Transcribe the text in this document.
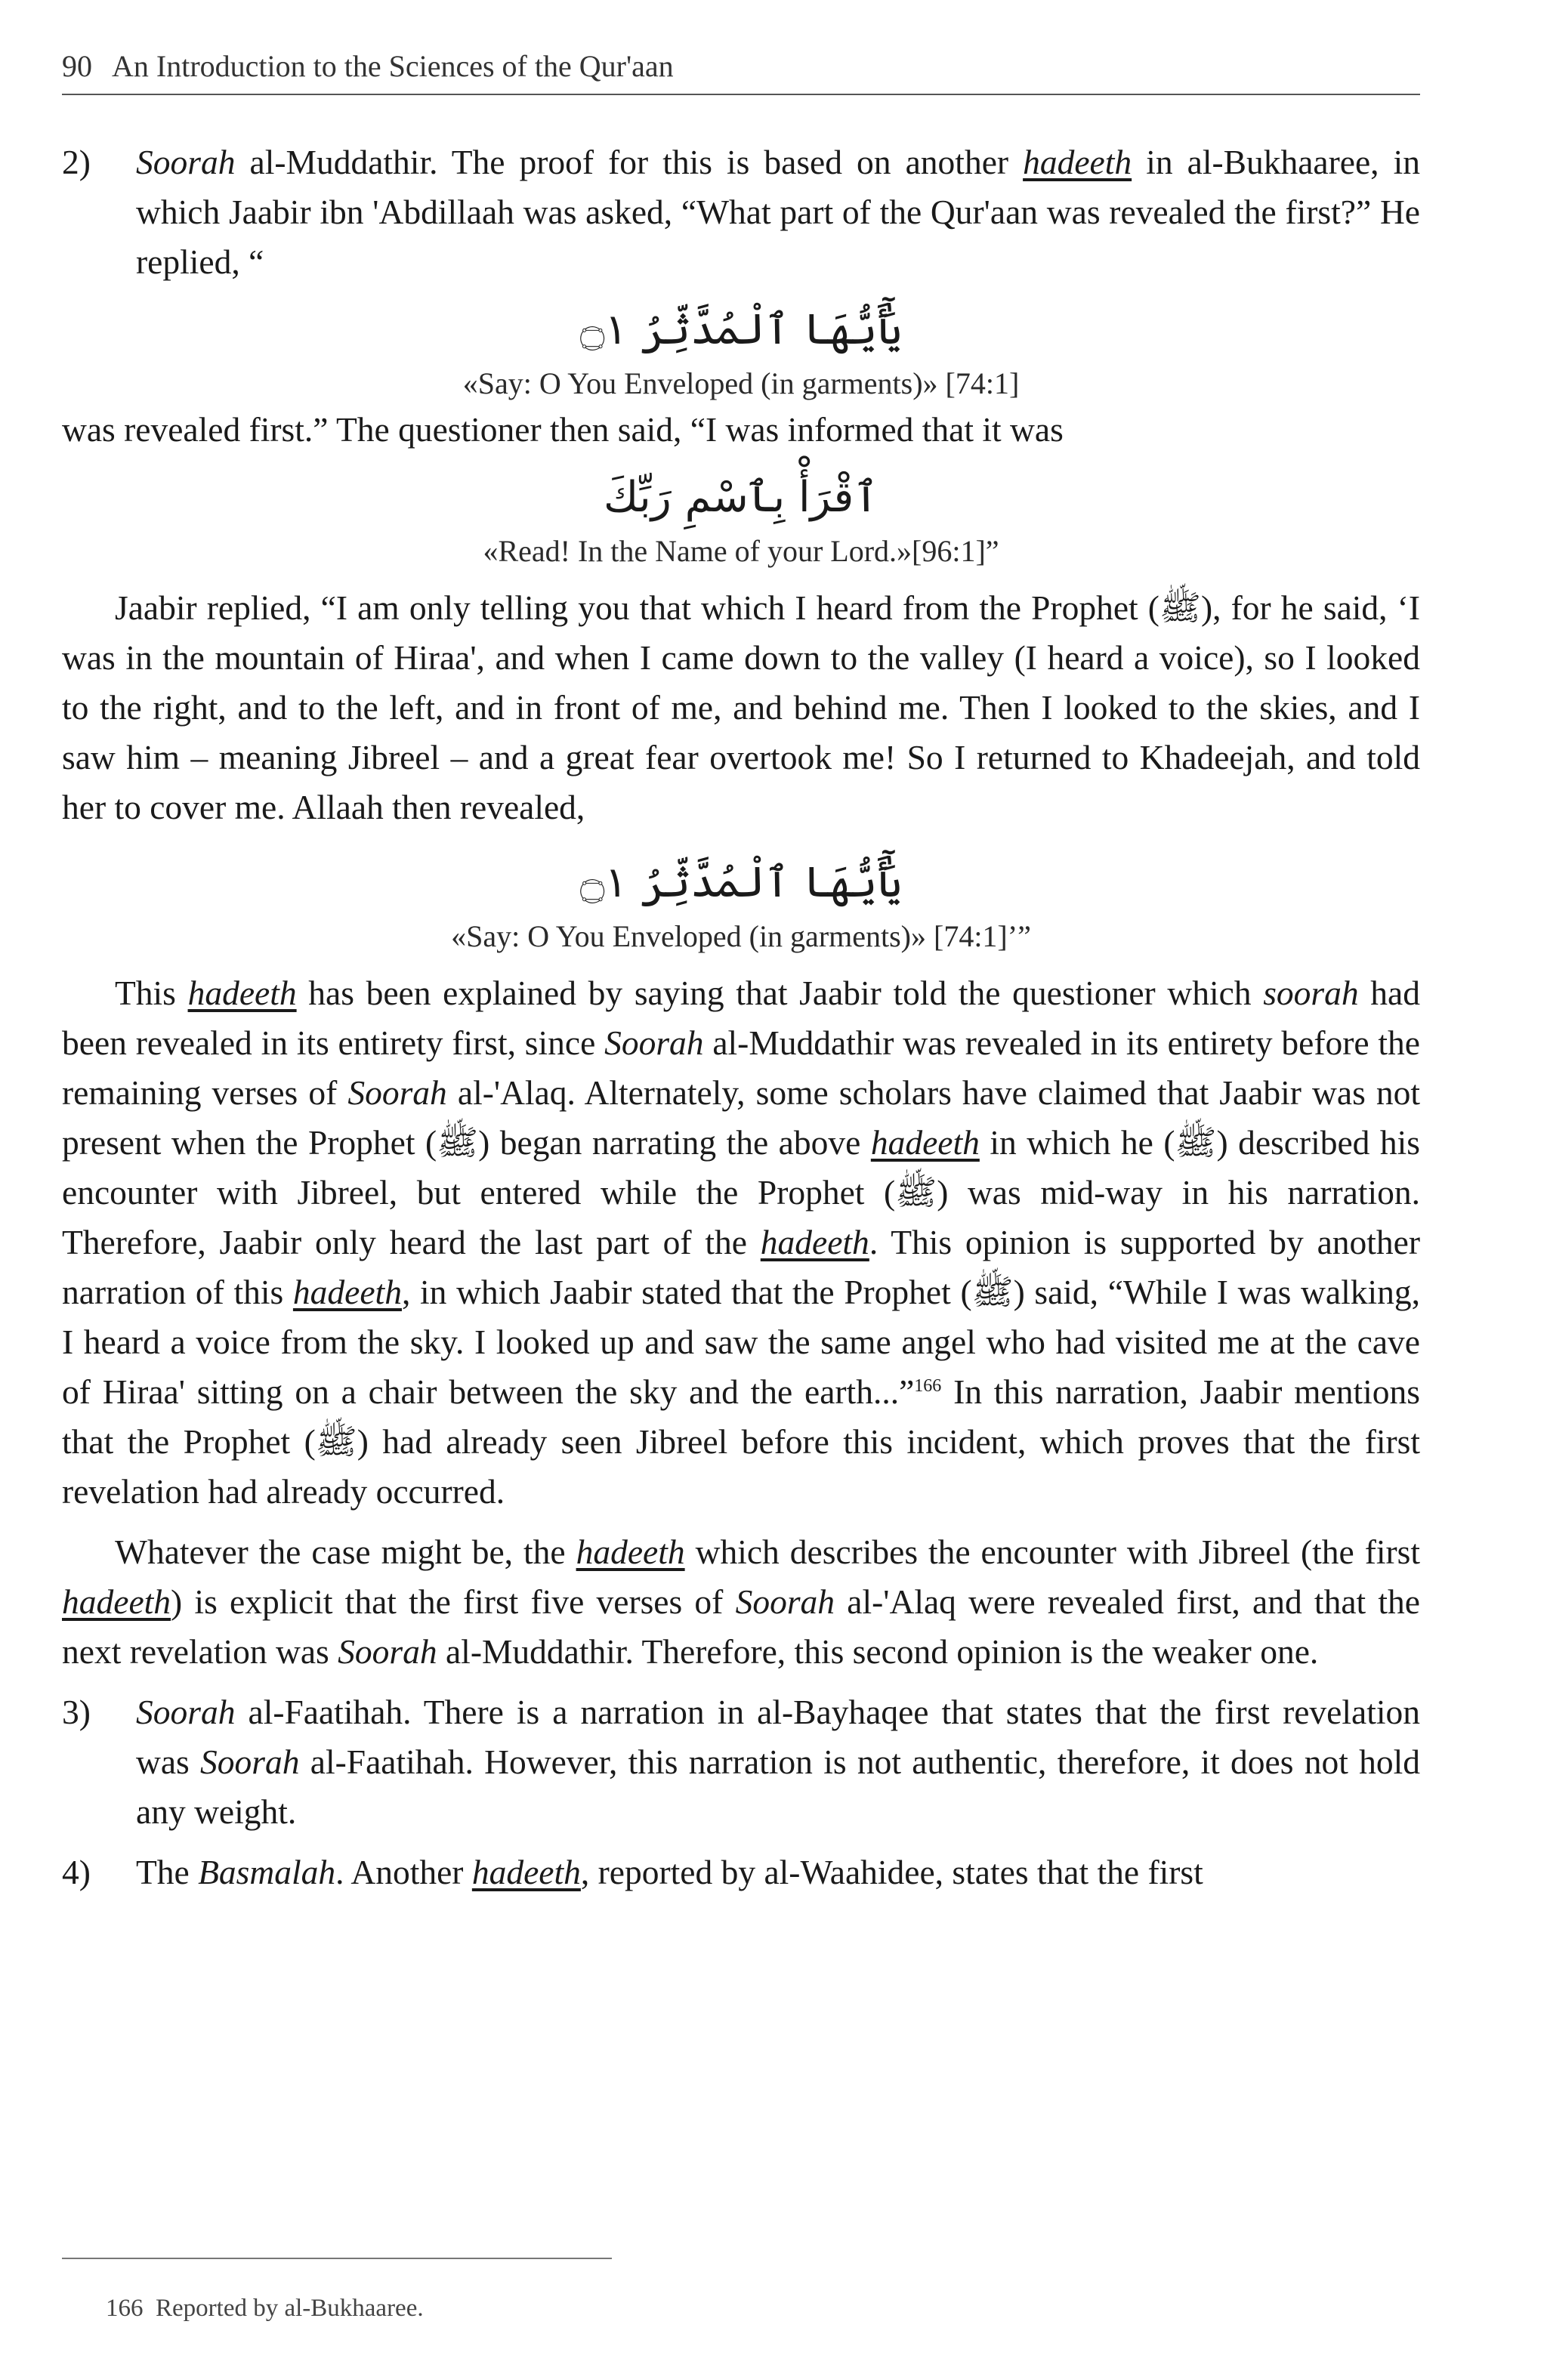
90 An Introduction to the Sciences of the Qur'aan
2)	Soorah al-Muddathir. The proof for this is based on another hadeeth in al-Bukhaaree, in which Jaabir ibn 'Abdillaah was asked, “What part of the Qur'aan was revealed the first?” He replied, “
يَٰٓأَيُّهَا ٱلْمُدَّثِّرُ ۝١
«Say: O You Enveloped (in garments)» [74:1]

was revealed first.” The questioner then said, “I was informed that it was

ٱقْرَأْ بِٱسْمِ رَبِّكَ
«Read! In the Name of your Lord.»[96:1]”

Jaabir replied, “I am only telling you that which I heard from the Prophet (ﷺ), for he said, ‘I was in the mountain of Hiraa', and when I came down to the valley (I heard a voice), so I looked to the right, and to the left, and in front of me, and behind me. Then I looked to the skies, and I saw him – meaning Jibreel – and a great fear overtook me! So I returned to Khadeejah, and told her to cover me. Allaah then revealed,

يَٰٓأَيُّهَا ٱلْمُدَّثِّرُ ۝١
«Say: O You Enveloped (in garments)» [74:1]’”

This hadeeth has been explained by saying that Jaabir told the questioner which soorah had been revealed in its entirety first, since Soorah al-Muddathir was revealed in its entirety before the remaining verses of Soorah al-'Alaq. Alternately, some scholars have claimed that Jaabir was not present when the Prophet (ﷺ) began narrating the above hadeeth in which he (ﷺ) described his encounter with Jibreel, but entered while the Prophet (ﷺ) was mid-way in his narration. Therefore, Jaabir only heard the last part of the hadeeth. This opinion is supported by another narration of this hadeeth, in which Jaabir stated that the Prophet (ﷺ) said, “While I was walking, I heard a voice from the sky. I looked up and saw the same angel who had visited me at the cave of Hiraa' sitting on a chair between the sky and the earth...”$^{166}$ In this narration, Jaabir mentions that the Prophet (ﷺ) had already seen Jibreel before this incident, which proves that the first revelation had already occurred.

Whatever the case might be, the hadeeth which describes the encounter with Jibreel (the first hadeeth) is explicit that the first five verses of Soorah al-'Alaq were revealed first, and that the next revelation was Soorah al-Muddathir. Therefore, this second opinion is the weaker one.

3)	Soorah al-Faatihah. There is a narration in al-Bayhaqee that states that the first revelation was Soorah al-Faatihah. However, this narration is not authentic, therefore, it does not hold any weight.
4)	The Basmalah. Another hadeeth, reported by al-Waahidee, states that the first
166 Reported by al-Bukhaaree.
